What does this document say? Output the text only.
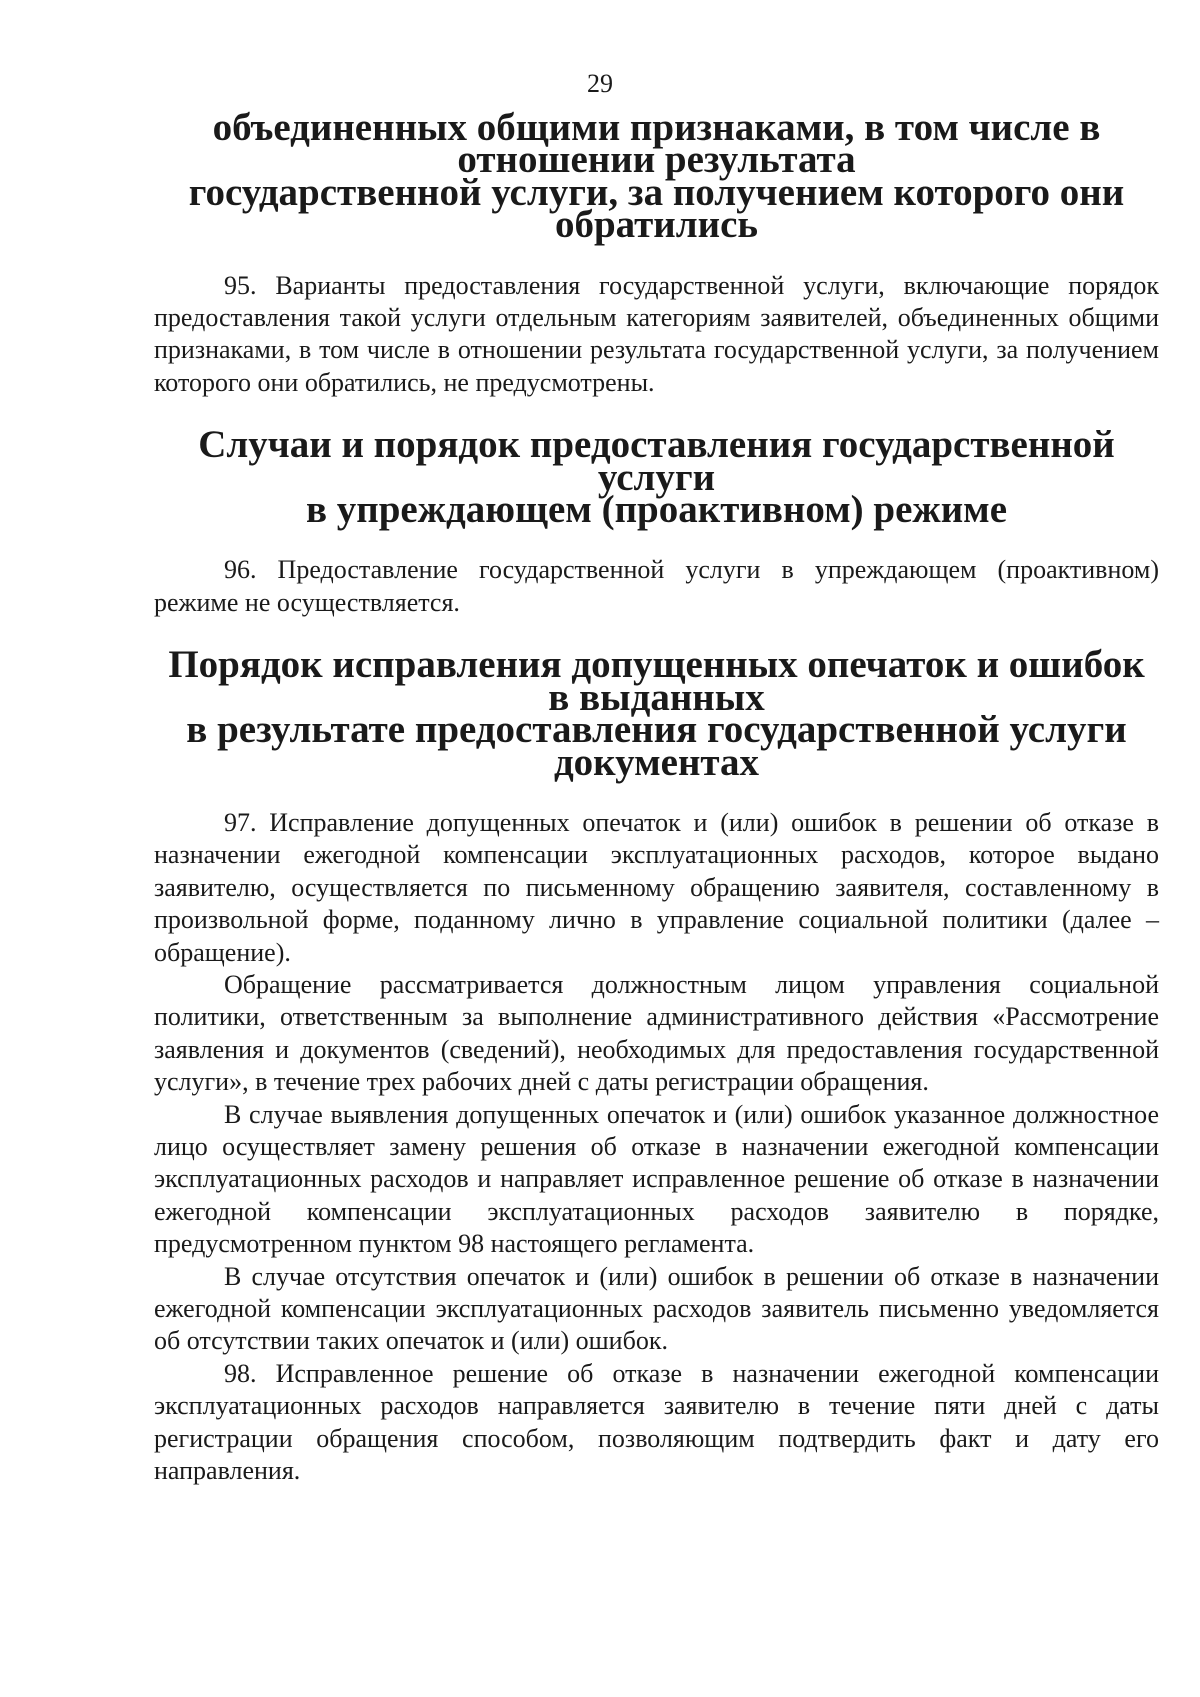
29
объединенных общими признаками, в том числе в отношении результата
государственной услуги, за получением которого они обратились

95. Варианты предоставления государственной услуги, включающие порядок предоставления такой услуги отдельным категориям заявителей, объединенных общими признаками, в том числе в отношении результата государственной услуги, за получением которого они обратились, не предусмотрены.

Случаи и порядок предоставления государственной услуги
в упреждающем (проактивном) режиме

96. Предоставление государственной услуги в упреждающем (проактивном) режиме не осуществляется.

Порядок исправления допущенных опечаток и ошибок в выданных
в результате предоставления государственной услуги документах

97. Исправление допущенных опечаток и (или) ошибок в решении об отказе в назначении ежегодной компенсации эксплуатационных расходов, которое выдано заявителю, осуществляется по письменному обращению заявителя, составленному в произвольной форме, поданному лично в управление социальной политики (далее – обращение).

Обращение рассматривается должностным лицом управления социальной политики, ответственным за выполнение административного действия «Рассмотрение заявления и документов (сведений), необходимых для предоставления государственной услуги», в течение трех рабочих дней с даты регистрации обращения.

В случае выявления допущенных опечаток и (или) ошибок указанное должностное лицо осуществляет замену решения об отказе в назначении ежегодной компенсации эксплуатационных расходов и направляет исправленное решение об отказе в назначении ежегодной компенсации эксплуатационных расходов заявителю в порядке, предусмотренном пунктом 98 настоящего регламента.

В случае отсутствия опечаток и (или) ошибок в решении об отказе в назначении ежегодной компенсации эксплуатационных расходов заявитель письменно уведомляется об отсутствии таких опечаток и (или) ошибок.

98. Исправленное решение об отказе в назначении ежегодной компенсации эксплуатационных расходов направляется заявителю в течение пяти дней с даты регистрации обращения способом, позволяющим подтвердить факт и дату его направления.
